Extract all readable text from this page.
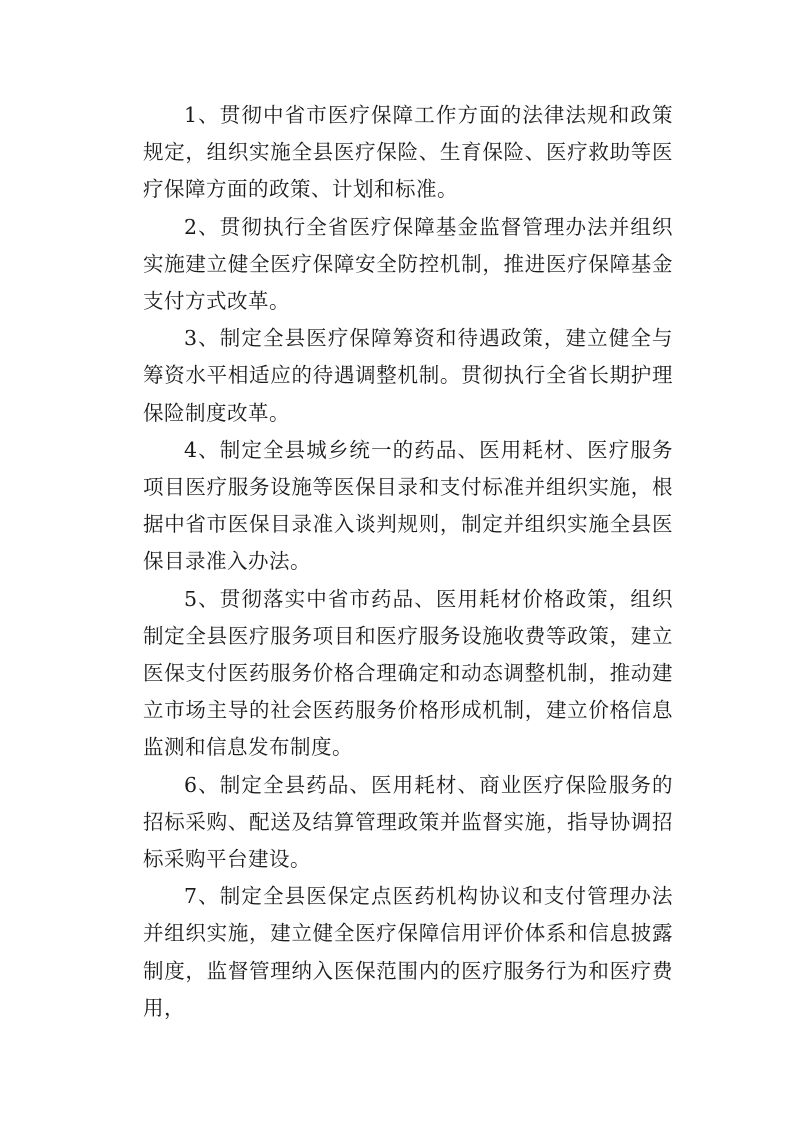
1、贯彻中省市医疗保障工作方面的法律法规和政策规定，组织实施全县医疗保险、生育保险、医疗救助等医疗保障方面的政策、计划和标准。

2、贯彻执行全省医疗保障基金监督管理办法并组织实施建立健全医疗保障安全防控机制，推进医疗保障基金支付方式改革。

3、制定全县医疗保障筹资和待遇政策，建立健全与筹资水平相适应的待遇调整机制。贯彻执行全省长期护理保险制度改革。

4、制定全县城乡统一的药品、医用耗材、医疗服务项目医疗服务设施等医保目录和支付标准并组织实施，根据中省市医保目录准入谈判规则，制定并组织实施全县医保目录准入办法。

5、贯彻落实中省市药品、医用耗材价格政策，组织制定全县医疗服务项目和医疗服务设施收费等政策，建立医保支付医药服务价格合理确定和动态调整机制，推动建立市场主导的社会医药服务价格形成机制，建立价格信息监测和信息发布制度。

6、制定全县药品、医用耗材、商业医疗保险服务的招标采购、配送及结算管理政策并监督实施，指导协调招标采购平台建设。

7、制定全县医保定点医药机构协议和支付管理办法并组织实施，建立健全医疗保障信用评价体系和信息披露制度，监督管理纳入医保范围内的医疗服务行为和医疗费用，
